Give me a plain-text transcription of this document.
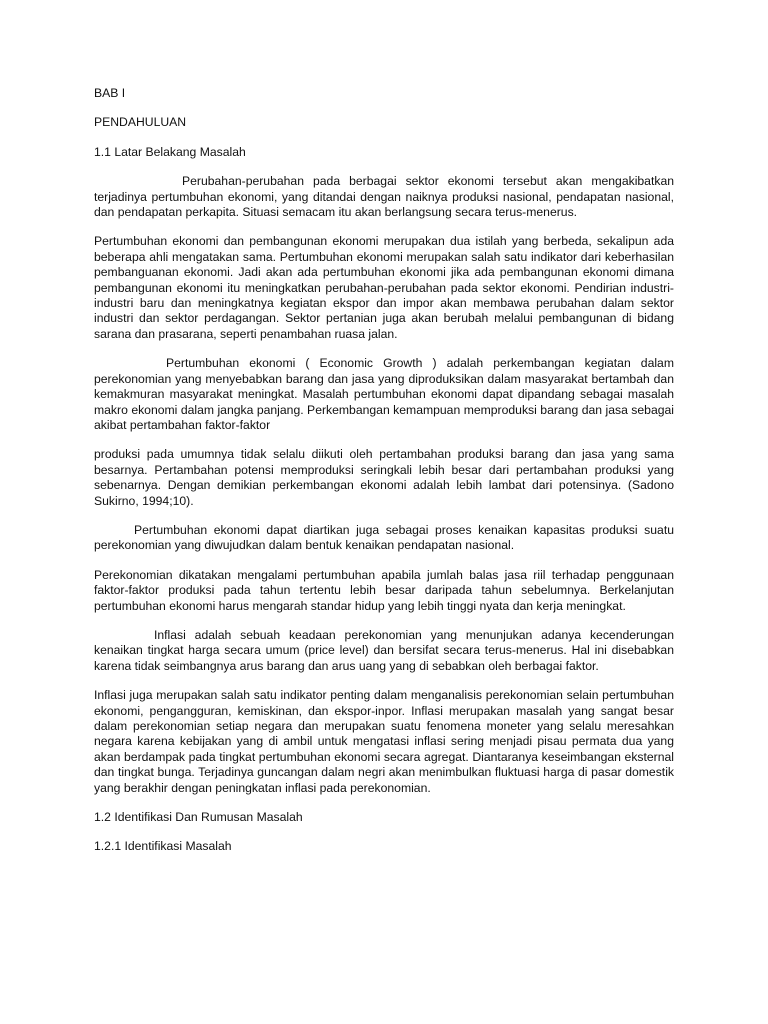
BAB I
PENDAHULUAN
1.1 Latar Belakang Masalah

Perubahan-perubahan pada berbagai sektor ekonomi tersebut akan mengakibatkan terjadinya pertumbuhan ekonomi, yang ditandai dengan naiknya produksi nasional, pendapatan nasional, dan pendapatan perkapita. Situasi semacam itu akan berlangsung secara terus-menerus.

Pertumbuhan ekonomi dan pembangunan ekonomi merupakan dua istilah yang berbeda, sekalipun ada beberapa ahli mengatakan sama. Pertumbuhan ekonomi merupakan salah satu indikator dari keberhasilan pembanguanan ekonomi. Jadi akan ada pertumbuhan ekonomi jika ada pembangunan ekonomi dimana pembangunan ekonomi itu meningkatkan perubahan-perubahan pada sektor ekonomi. Pendirian industri-industri baru dan meningkatnya kegiatan ekspor dan impor akan membawa perubahan dalam sektor industri dan sektor perdagangan. Sektor pertanian juga akan berubah melalui pembangunan di bidang sarana dan prasarana, seperti penambahan ruasa jalan.

Pertumbuhan ekonomi ( Economic Growth ) adalah perkembangan kegiatan dalam perekonomian yang menyebabkan barang dan jasa yang diproduksikan dalam masyarakat bertambah dan kemakmuran masyarakat meningkat. Masalah pertumbuhan ekonomi dapat dipandang sebagai masalah makro ekonomi dalam jangka panjang. Perkembangan kemampuan memproduksi barang dan jasa sebagai akibat pertambahan faktor-faktor

produksi pada umumnya tidak selalu diikuti oleh pertambahan produksi barang dan jasa yang sama besarnya. Pertambahan potensi memproduksi seringkali lebih besar dari pertambahan produksi yang sebenarnya. Dengan demikian perkembangan ekonomi adalah lebih lambat dari potensinya. (Sadono Sukirno, 1994;10).

Pertumbuhan ekonomi dapat diartikan juga sebagai proses kenaikan kapasitas produksi suatu perekonomian yang diwujudkan dalam bentuk kenaikan pendapatan nasional.

Perekonomian dikatakan mengalami pertumbuhan apabila jumlah balas jasa riil terhadap penggunaan faktor-faktor produksi pada tahun tertentu lebih besar daripada tahun sebelumnya. Berkelanjutan pertumbuhan ekonomi harus mengarah standar hidup yang lebih tinggi nyata dan kerja meningkat.

Inflasi adalah sebuah keadaan perekonomian yang menunjukan adanya kecenderungan kenaikan tingkat harga secara umum (price level) dan bersifat secara terus-menerus. Hal ini disebabkan karena tidak seimbangnya arus barang dan arus uang yang di sebabkan oleh berbagai faktor.

Inflasi juga merupakan salah satu indikator penting dalam menganalisis perekonomian selain pertumbuhan ekonomi, pengangguran, kemiskinan, dan ekspor-inpor. Inflasi merupakan masalah yang sangat besar dalam perekonomian setiap negara dan merupakan suatu fenomena moneter yang selalu meresahkan negara karena kebijakan yang di ambil untuk mengatasi inflasi sering menjadi pisau permata dua yang akan berdampak pada tingkat pertumbuhan ekonomi secara agregat. Diantaranya keseimbangan eksternal dan tingkat bunga. Terjadinya guncangan dalam negri akan menimbulkan fluktuasi harga di pasar domestik yang berakhir dengan peningkatan inflasi pada perekonomian.

1.2 Identifikasi Dan Rumusan Masalah
1.2.1 Identifikasi Masalah
